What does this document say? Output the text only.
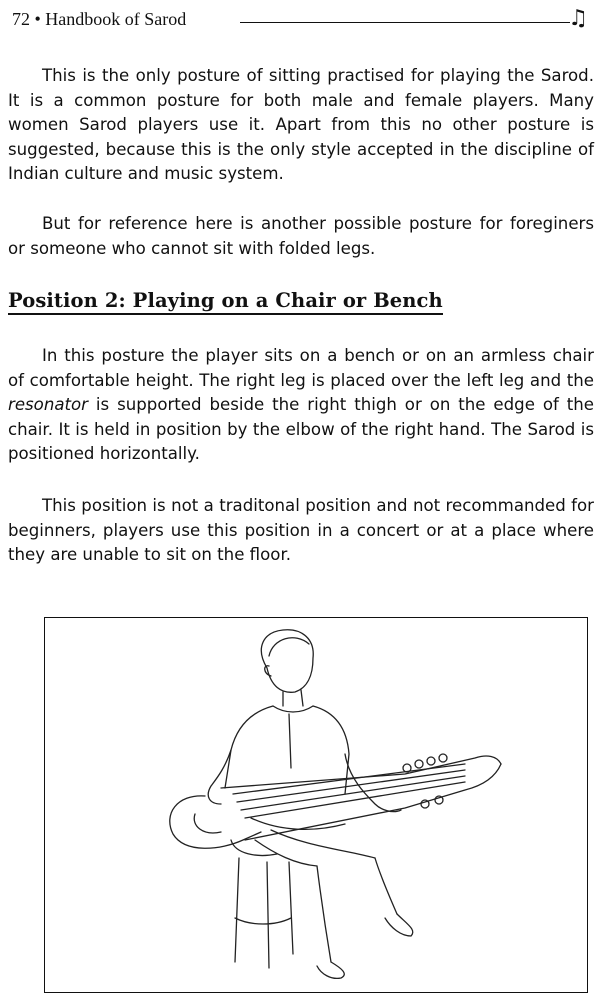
72 • Handbook of Sarod	♫

This is the only posture of sitting practised for playing the Sarod. It is a common posture for both male and female players. Many women Sarod players use it. Apart from this no other posture is suggested, because this is the only style accepted in the discipline of Indian culture and music system.

But for reference here is another possible posture for foreginers or someone who cannot sit with folded legs.

Position 2: Playing on a Chair or Bench

In this posture the player sits on a bench or on an armless chair of comfortable height. The right leg is placed over the left leg and the resonator is supported beside the right thigh or on the edge of the chair. It is held in position by the elbow of the right hand. The Sarod is positioned horizontally.

This position is not a traditonal position and not recommanded for beginners, players use this position in a concert or at a place where they are unable to sit on the floor.
